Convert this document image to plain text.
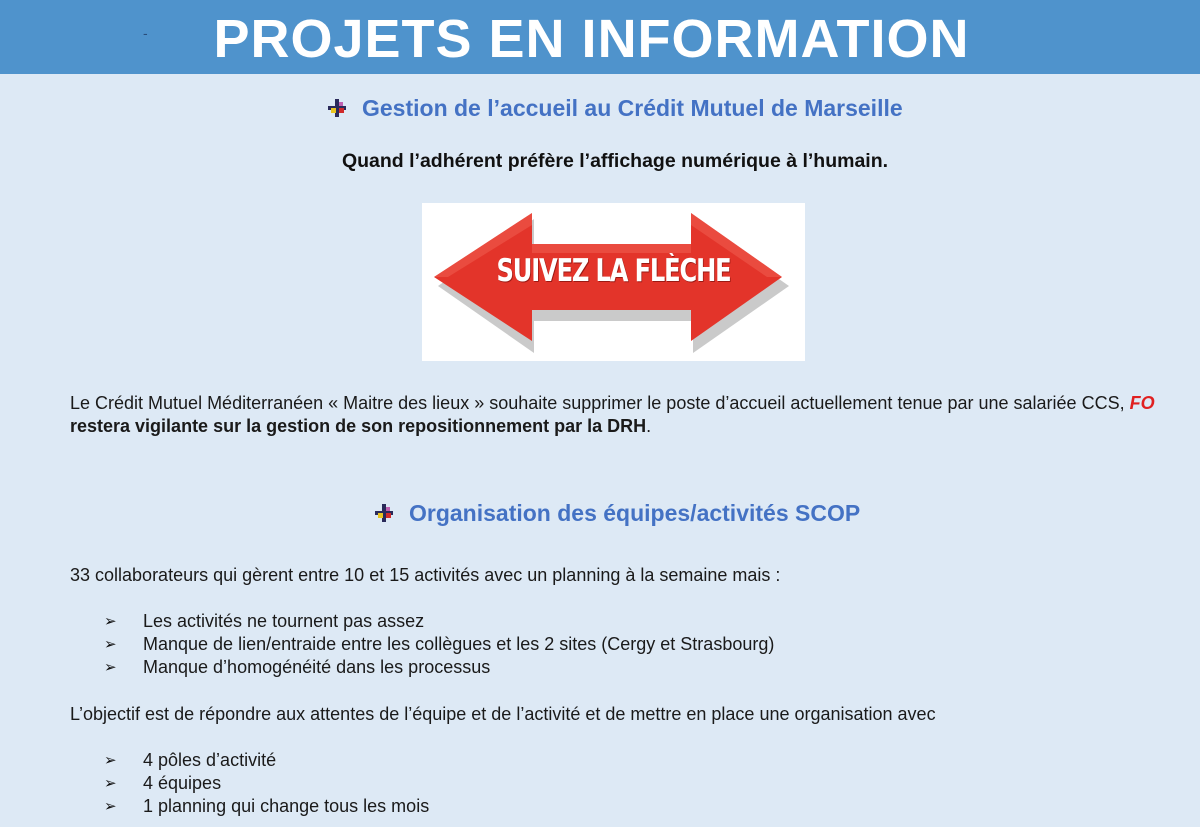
-	PROJETS EN INFORMATION
Gestion de l’accueil au Crédit Mutuel de Marseille
Quand l’adhérent préfère l’affichage numérique à l’humain.
SUIVEZ LA FLÈCHE
Le Crédit Mutuel Méditerranéen « Maitre des lieux » souhaite supprimer le poste d’accueil actuellement tenue par une salariée CCS, FO restera vigilante sur la gestion de son repositionnement par la DRH.
Organisation des équipes/activités SCOP
33 collaborateurs qui gèrent entre 10 et 15 activités avec un planning à la semaine mais :
➢	Les activités ne tournent pas assez
➢	Manque de lien/entraide entre les collègues et les 2 sites (Cergy et Strasbourg)
➢	Manque d’homogénéité dans les processus
L’objectif est de répondre aux attentes de l’équipe et de l’activité et de mettre en place une organisation avec
➢	4 pôles d’activité
➢	4 équipes
➢	1 planning qui change tous les mois
